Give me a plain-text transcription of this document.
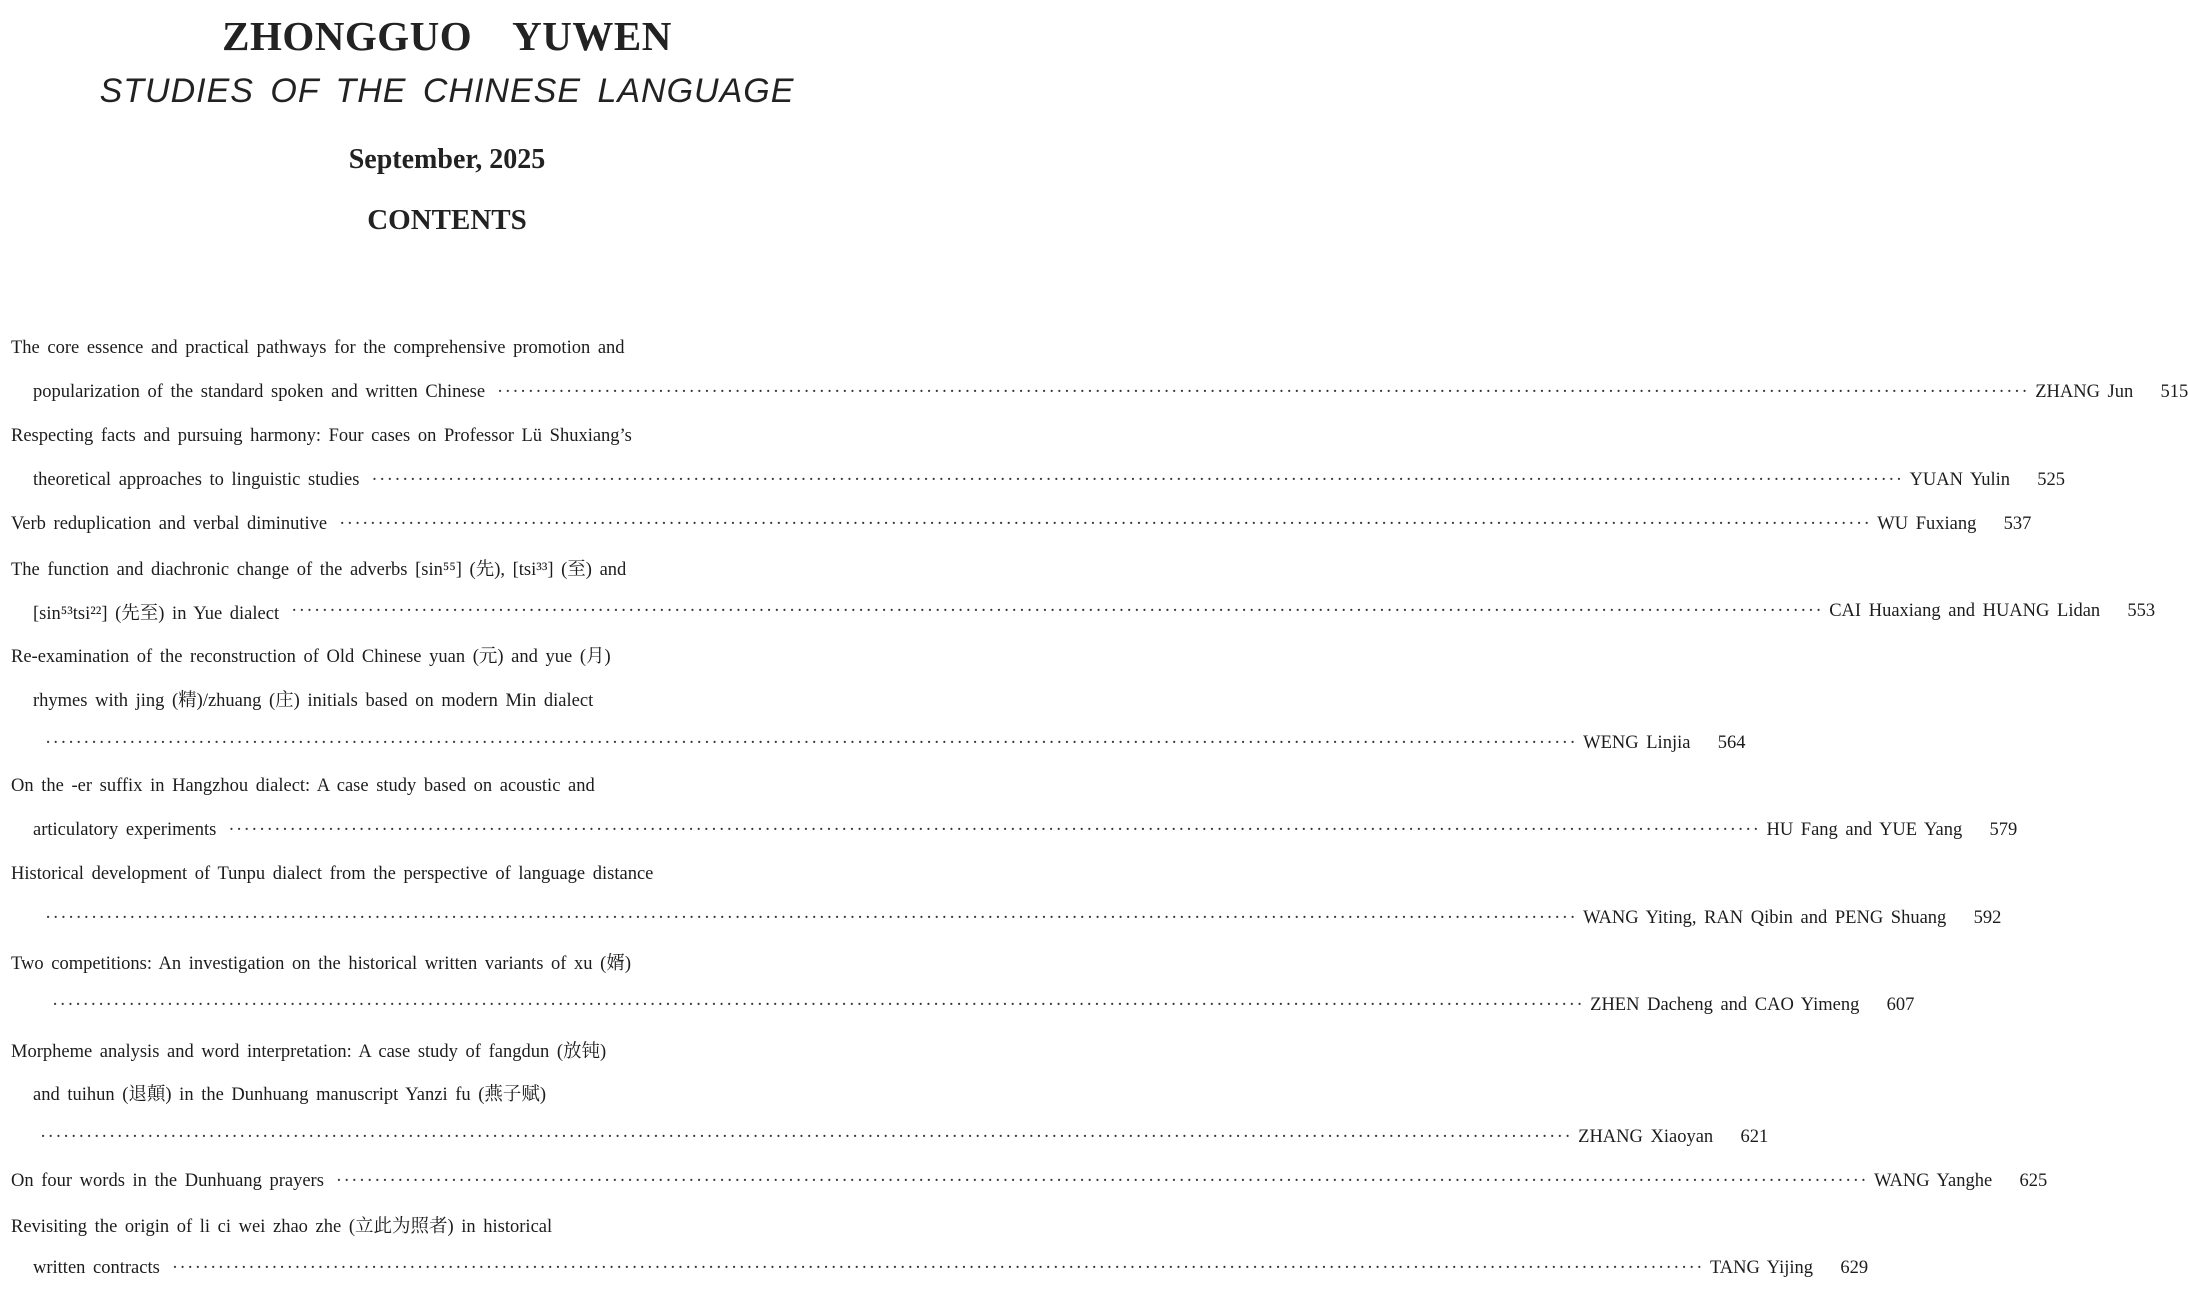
ZHONGGUO  YUWEN
STUDIES OF THE CHINESE LANGUAGE
September, 2025
CONTENTS
The core essence and practical pathways for the comprehensive promotion and
popularization of the standard spoken and written Chinese ········································································································································································································ ZHANG Jun	515
Respecting facts and pursuing harmony: Four cases on Professor Lü Shuxiang’s
theoretical approaches to linguistic studies ········································································································································································································ YUAN Yulin	525
Verb reduplication and verbal diminutive ········································································································································································································ WU Fuxiang	537
The function and diachronic change of the adverbs [sin⁵⁵] (先), [tsi³³] (至) and
[sin⁵³tsi²²] (先至) in Yue dialect ········································································································································································································ CAI Huaxiang and HUANG Lidan	553
Re-examination of the reconstruction of Old Chinese yuan (元) and yue (月)
rhymes with jing (精)/zhuang (庄) initials based on modern Min dialect
········································································································································································································ WENG Linjia	564
On the -er suffix in Hangzhou dialect: A case study based on acoustic and
articulatory experiments ········································································································································································································ HU Fang and YUE Yang	579
Historical development of Tunpu dialect from the perspective of language distance
········································································································································································································ WANG Yiting, RAN Qibin and PENG Shuang	592
Two competitions: An investigation on the historical written variants of xu (婿)
········································································································································································································ ZHEN Dacheng and CAO Yimeng	607
Morpheme analysis and word interpretation: A case study of fangdun (放钝)
and tuihun (退顛) in the Dunhuang manuscript Yanzi fu (燕子赋)
········································································································································································································ ZHANG Xiaoyan	621
On four words in the Dunhuang prayers ········································································································································································································ WANG Yanghe	625
Revisiting the origin of li ci wei zhao zhe (立此为照者) in historical
written contracts ········································································································································································································ TANG Yijing	629
